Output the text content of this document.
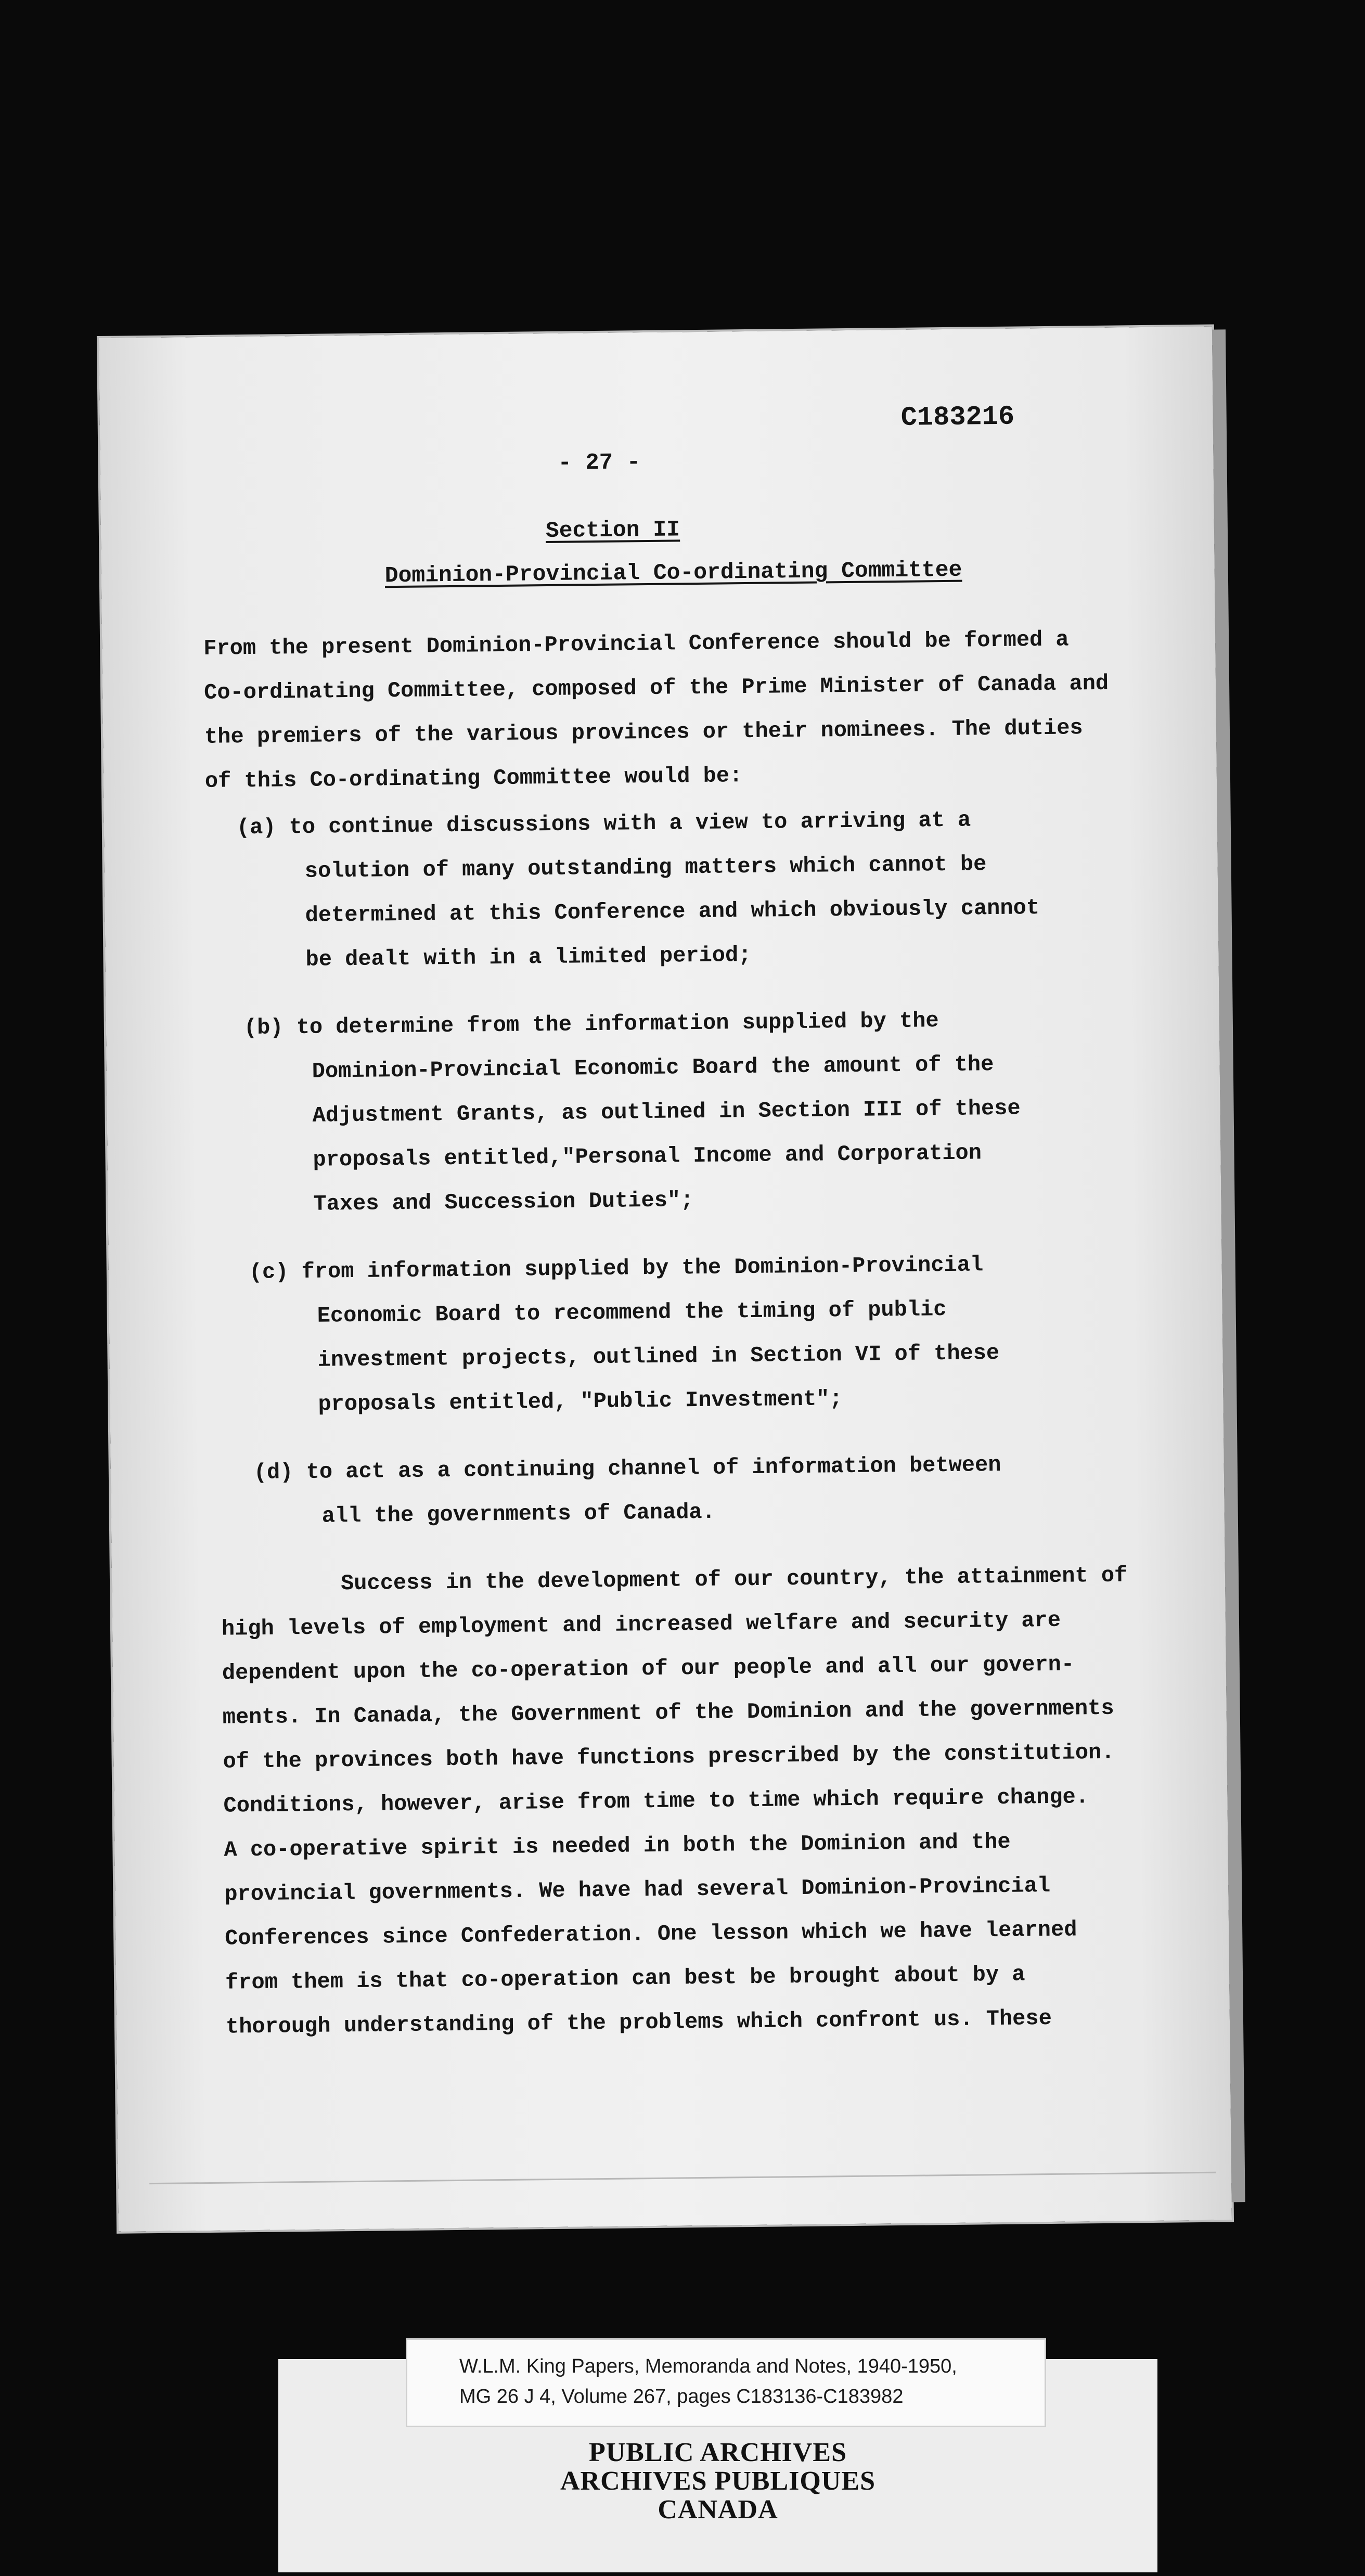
C183216
- 27 -
Section II
Dominion-Provincial Co-ordinating Committee
From the present Dominion-Provincial Conference should be formed a
Co-ordinating Committee, composed of the Prime Minister of Canada and
the premiers of the various provinces or their nominees. The duties
of this Co-ordinating Committee would be:
(a) to continue discussions with a view to arriving at a
solution of many outstanding matters which cannot be
determined at this Conference and which obviously cannot
be dealt with in a limited period;
(b) to determine from the information supplied by the
Dominion-Provincial Economic Board the amount of the
Adjustment Grants, as outlined in Section III of these
proposals entitled,"Personal Income and Corporation
Taxes and Succession Duties";
(c) from information supplied by the Dominion-Provincial
Economic Board to recommend the timing of public
investment projects, outlined in Section VI of these
proposals entitled, "Public Investment";
(d) to act as a continuing channel of information between
all the governments of Canada.
Success in the development of our country, the attainment of
high levels of employment and increased welfare and security are
dependent upon the co-operation of our people and all our govern-
ments. In Canada, the Government of the Dominion and the governments
of the provinces both have functions prescribed by the constitution.
Conditions, however, arise from time to time which require change.
A co-operative spirit is needed in both the Dominion and the
provincial governments. We have had several Dominion-Provincial
Conferences since Confederation. One lesson which we have learned
from them is that co-operation can best be brought about by a
thorough understanding of the problems which confront us. These
PUBLIC ARCHIVES
ARCHIVES PUBLIQUES
CANADA
W.L.M. King Papers, Memoranda and Notes, 1940-1950,
MG 26 J 4, Volume 267, pages C183136-C183982
